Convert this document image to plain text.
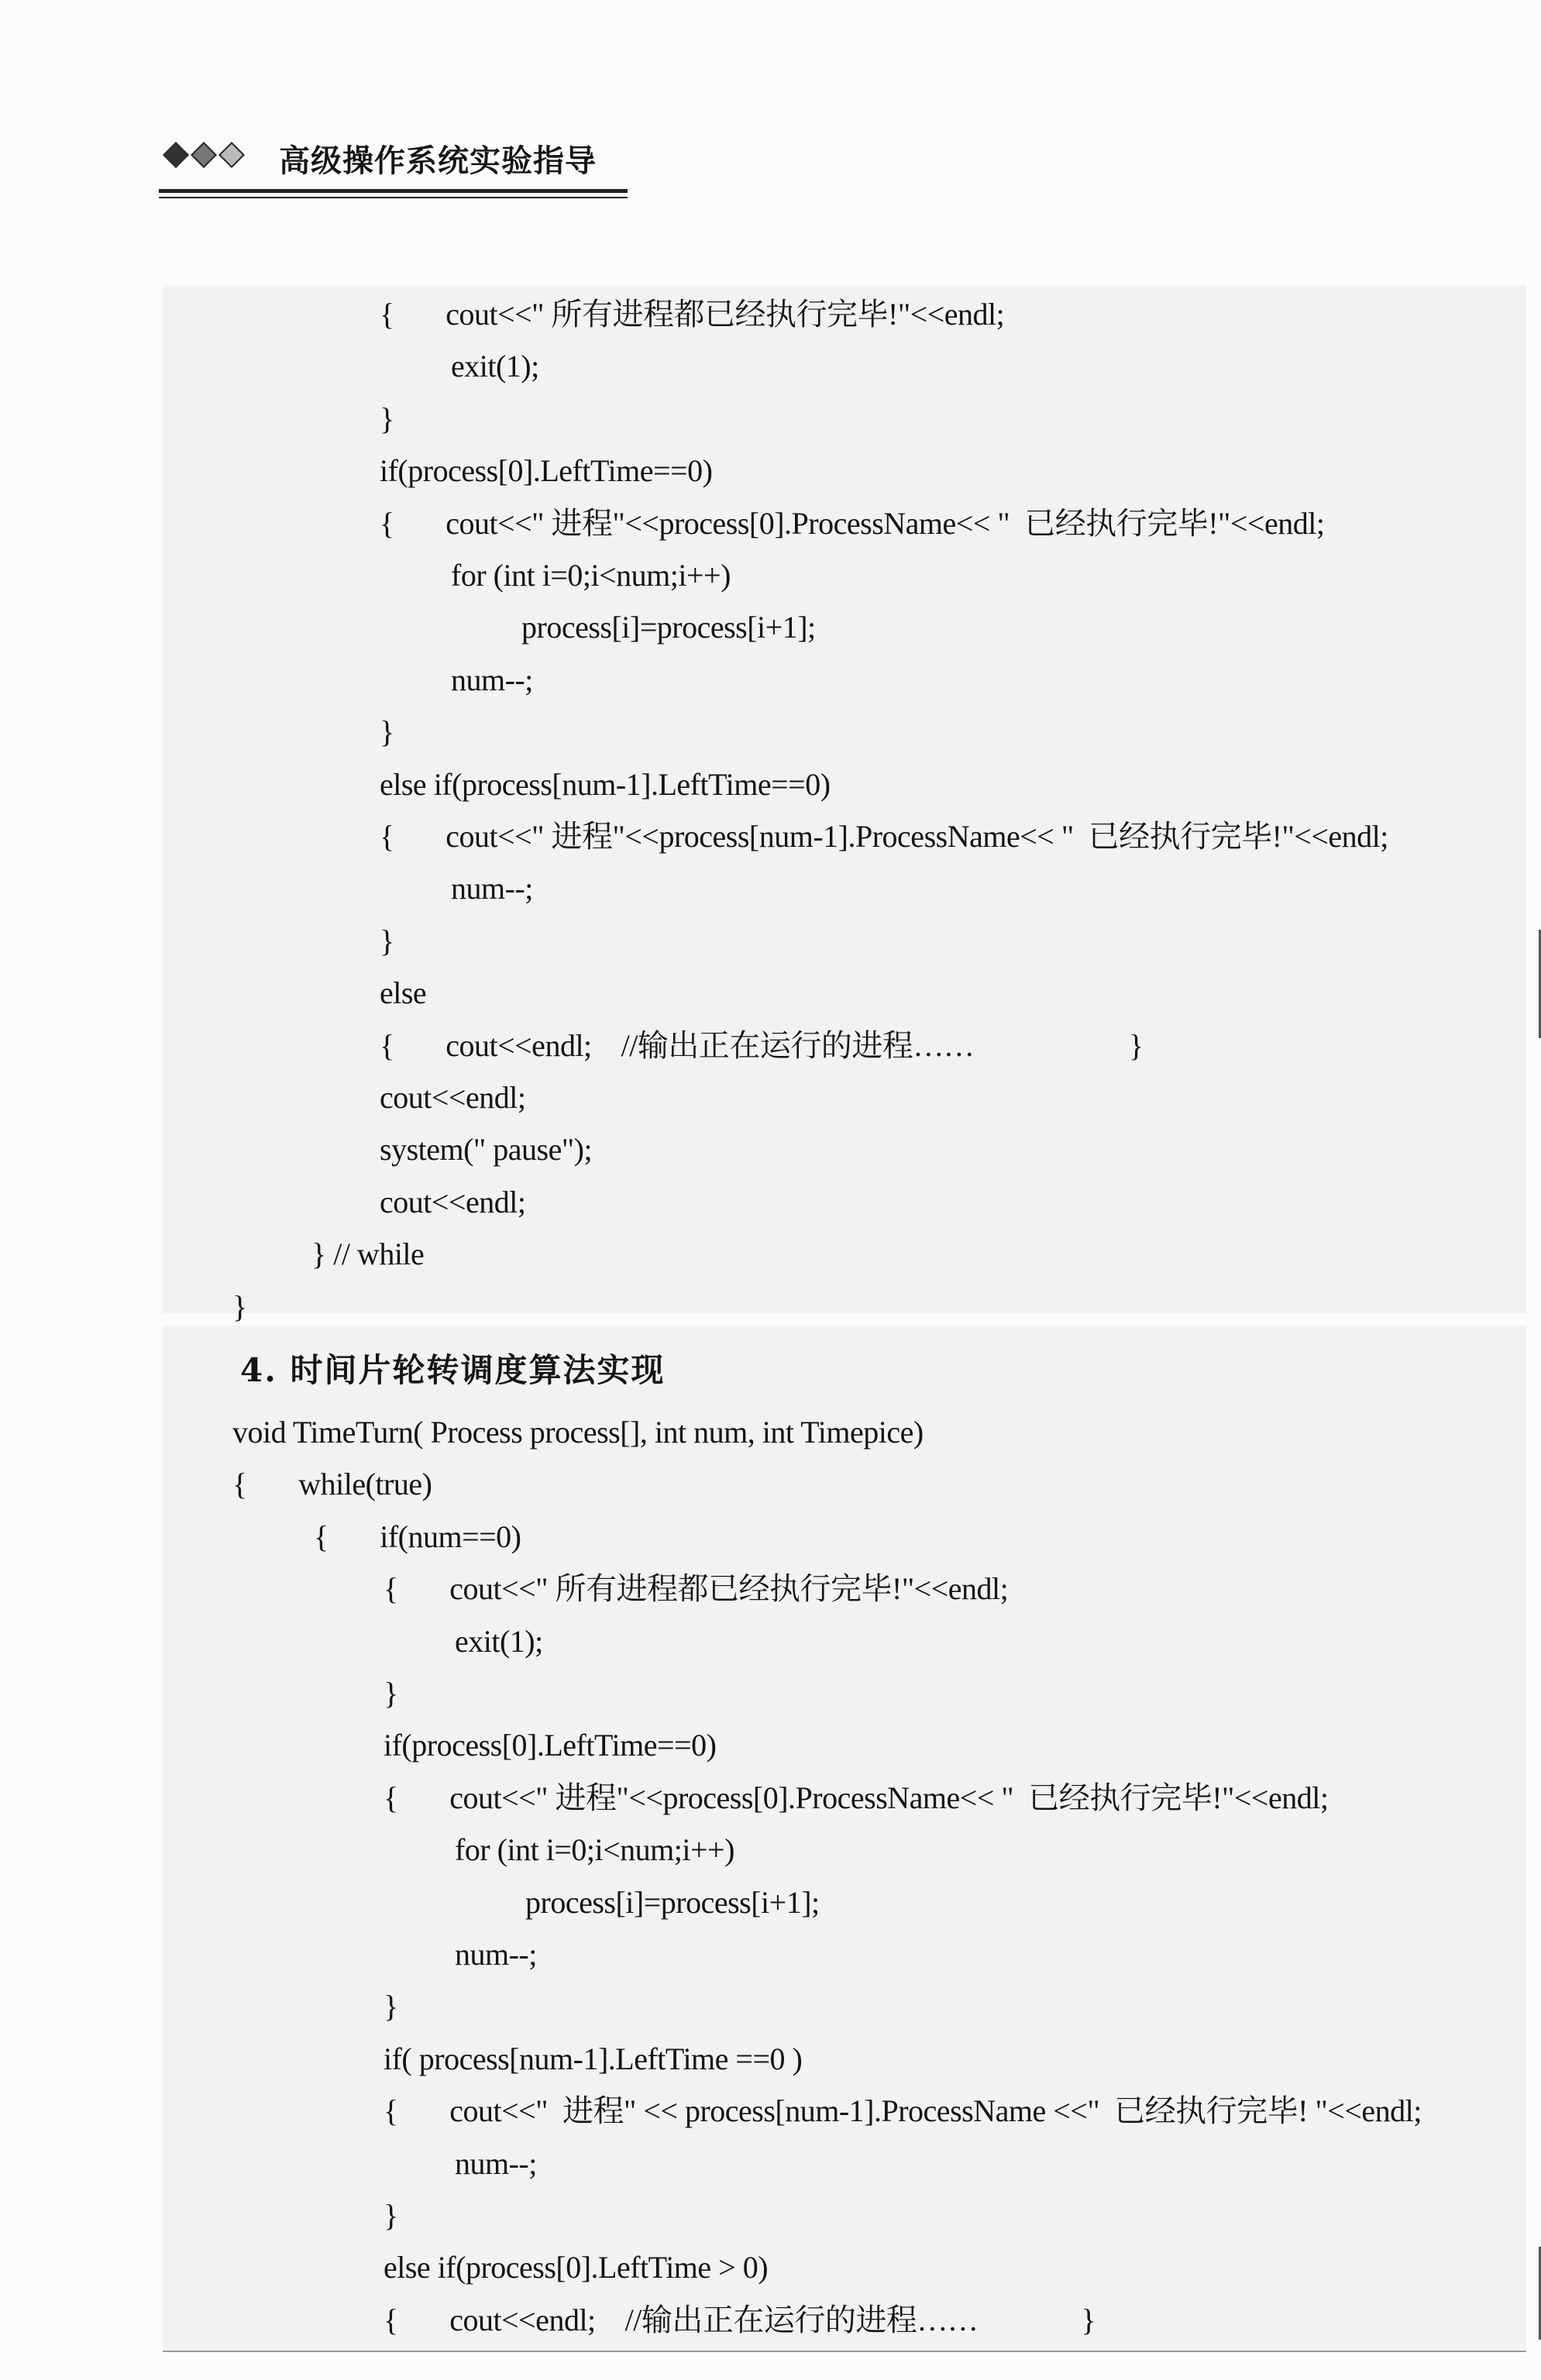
高级操作系统实验指导
{       cout<<" 所有进程都已经执行完毕!"<<endl;
exit(1);
}
if(process[0].LeftTime==0)
{       cout<<" 进程"<<process[0].ProcessName<< "  已经执行完毕!"<<endl;
for (int i=0;i<num;i++)
process[i]=process[i+1];
num--;
}
else if(process[num-1].LeftTime==0)
{       cout<<" 进程"<<process[num-1].ProcessName<< "  已经执行完毕!"<<endl;
num--;
}
else
{       cout<<endl;    //输出正在运行的进程……                     }
cout<<endl;
system(" pause");
cout<<endl;
} // while
}
4. 时间片轮转调度算法实现
void TimeTurn( Process process[], int num, int Timepice)
{       while(true)
{       if(num==0)
{       cout<<" 所有进程都已经执行完毕!"<<endl;
exit(1);
}
if(process[0].LeftTime==0)
{       cout<<" 进程"<<process[0].ProcessName<< "  已经执行完毕!"<<endl;
for (int i=0;i<num;i++)
process[i]=process[i+1];
num--;
}
if( process[num-1].LeftTime ==0 )
{       cout<<"  进程" << process[num-1].ProcessName <<"  已经执行完毕! "<<endl;
num--;
}
else if(process[0].LeftTime > 0)
{       cout<<endl;    //输出正在运行的进程……              }
